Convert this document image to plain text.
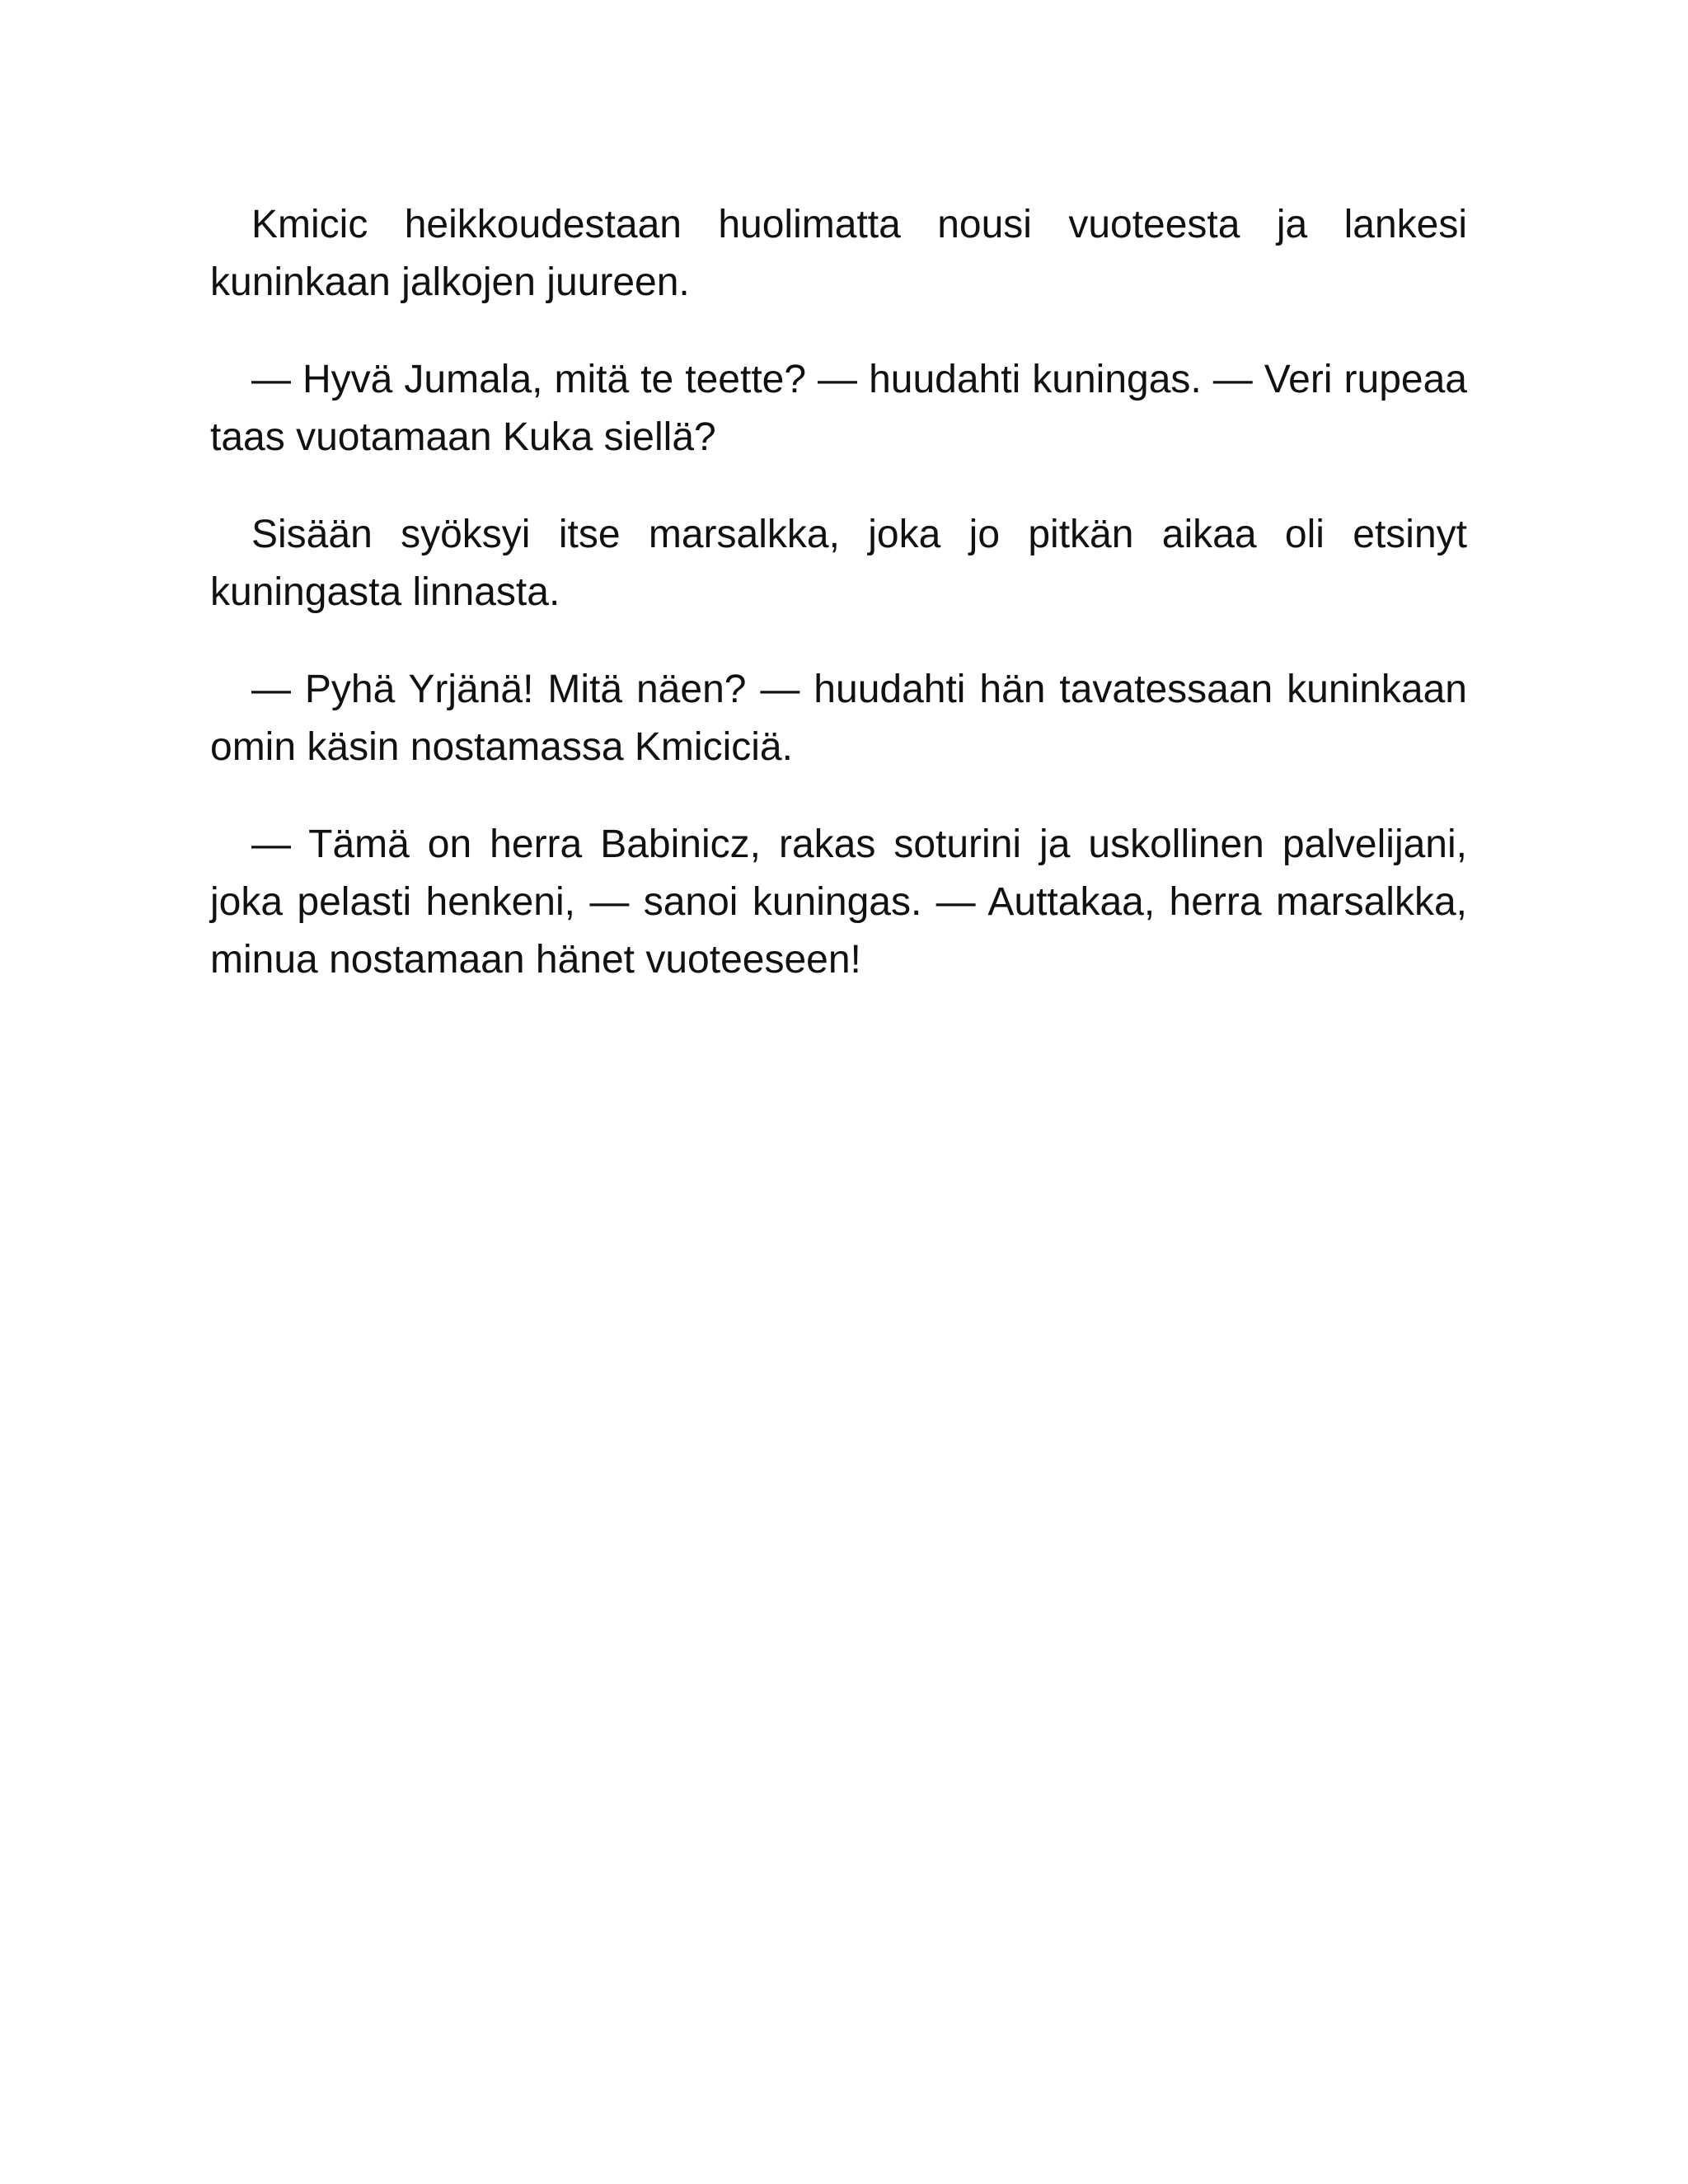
Kmicic heikkoudestaan huolimatta nousi vuoteesta ja lankesi kuninkaan jalkojen juureen.

— Hyvä Jumala, mitä te teette? — huudahti kuningas. — Veri rupeaa taas vuotamaan Kuka siellä?

Sisään syöksyi itse marsalkka, joka jo pitkän aikaa oli etsinyt kuningasta linnasta.

— Pyhä Yrjänä! Mitä näen? — huudahti hän tavatessaan kuninkaan omin käsin nostamassa Kmiciciä.

— Tämä on herra Babinicz, rakas soturini ja uskollinen palvelijani, joka pelasti henkeni, — sanoi kuningas. — Auttakaa, herra marsalkka, minua nostamaan hänet vuoteeseen!
